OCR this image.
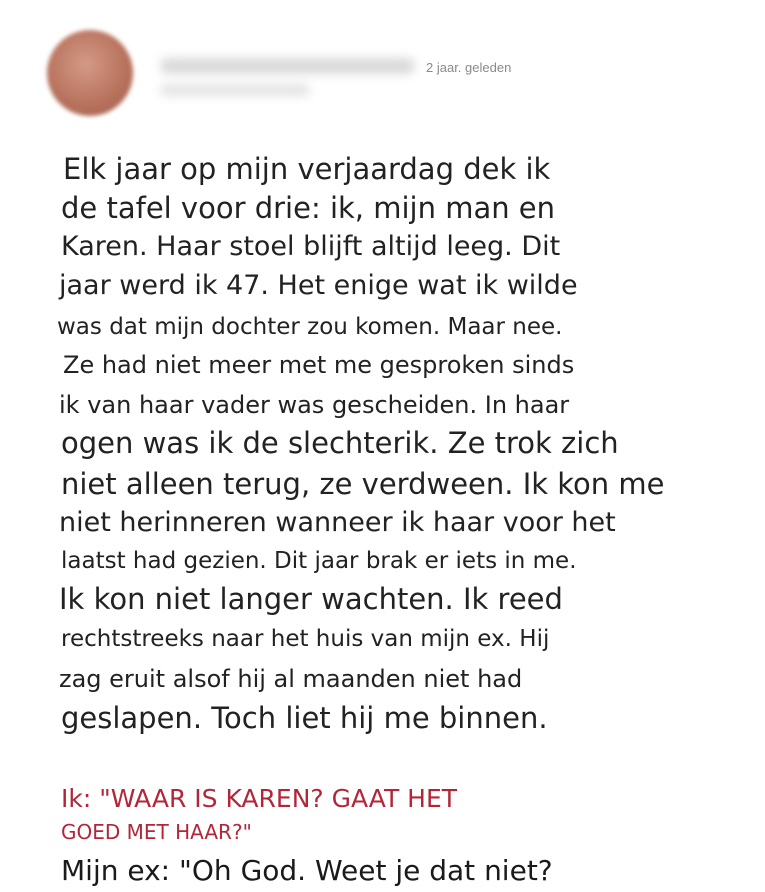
2 jaar. geleden
Elk jaar op mijn verjaardag dek ik
de tafel voor drie: ik, mijn man en
Karen. Haar stoel blijft altijd leeg. Dit
jaar werd ik 47. Het enige wat ik wilde
was dat mijn dochter zou komen. Maar nee.
Ze had niet meer met me gesproken sinds
ik van haar vader was gescheiden. In haar
ogen was ik de slechterik. Ze trok zich
niet alleen terug, ze verdween. Ik kon me
niet herinneren wanneer ik haar voor het
laatst had gezien. Dit jaar brak er iets in me.
Ik kon niet langer wachten. Ik reed
rechtstreeks naar het huis van mijn ex. Hij
zag eruit alsof hij al maanden niet had
geslapen. Toch liet hij me binnen.
Ik: "WAAR IS KAREN? GAAT HET
GOED MET HAAR?"
Mijn ex: "Oh God. Weet je dat niet?
